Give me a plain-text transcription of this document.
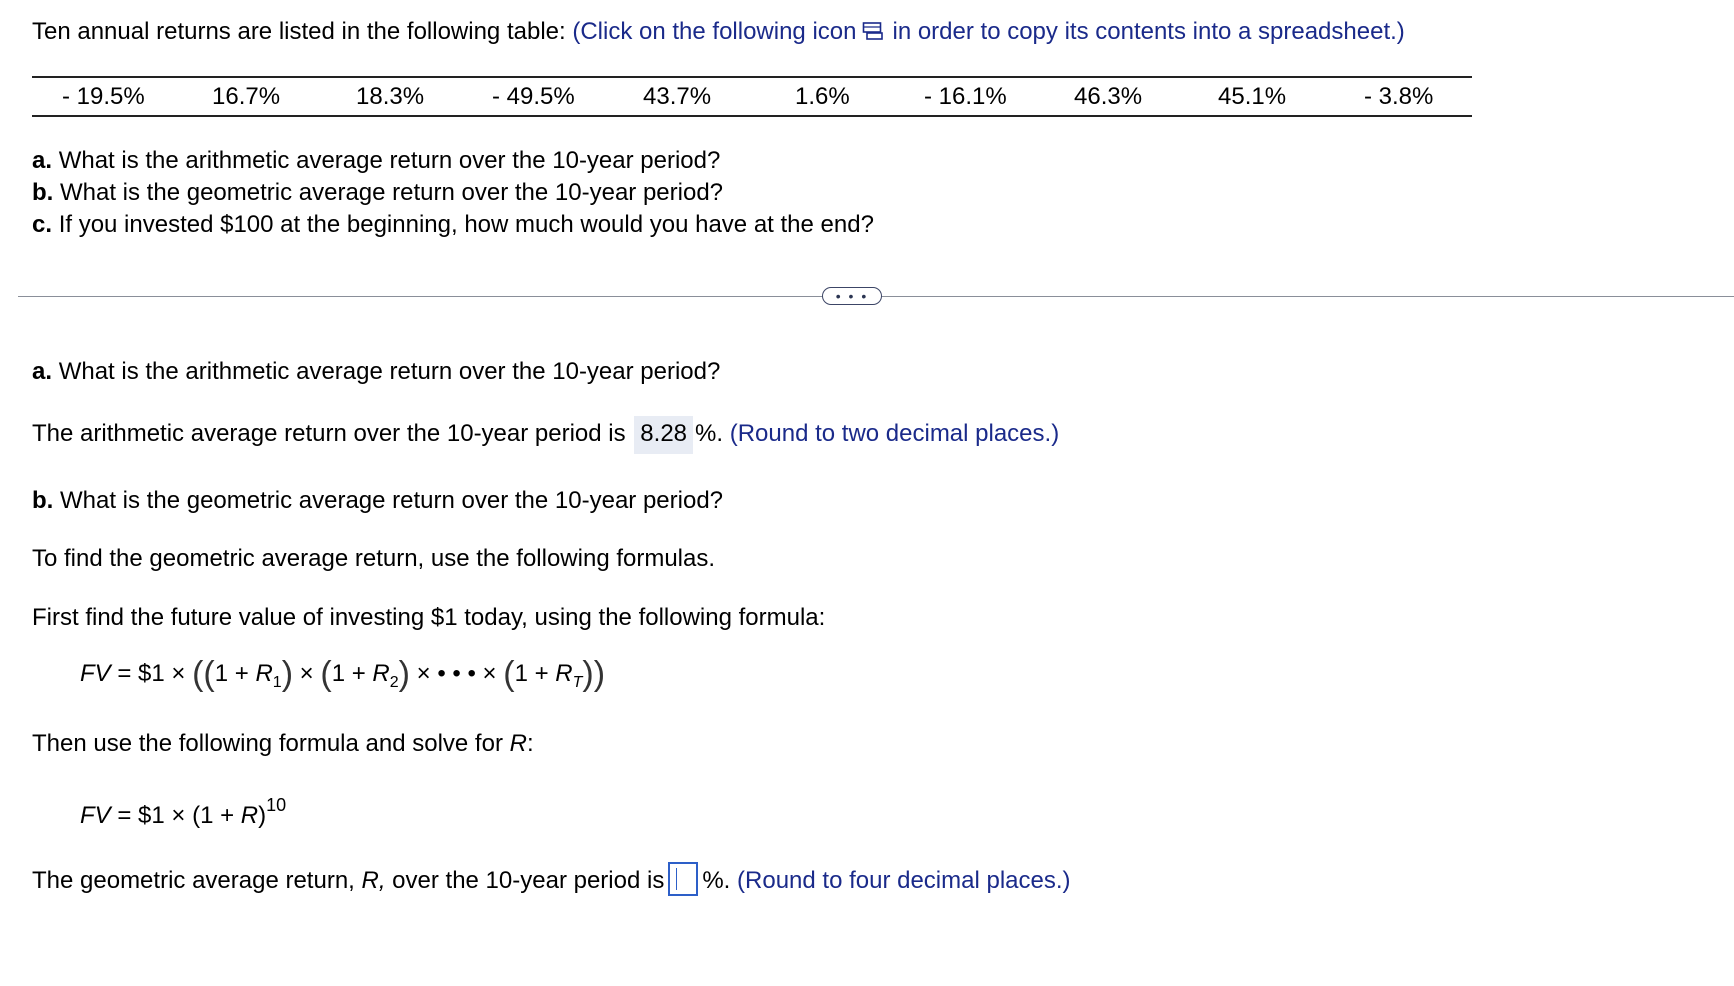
Ten annual returns are listed in the following table: (Click on the following icon in order to copy its contents into a spreadsheet.)
- 19.5%	16.7%	18.3%	- 49.5%	43.7%	1.6%	- 16.1%	46.3%	45.1%	- 3.8%
a. What is the arithmetic average return over the 10-year period?
b. What is the geometric average return over the 10-year period?
c. If you invested $100 at the beginning, how much would you have at the end?
• • •
a. What is the arithmetic average return over the 10-year period?
The arithmetic average return over the 10-year period is 8.28 %. (Round to two decimal places.)
b. What is the geometric average return over the 10-year period?
To find the geometric average return, use the following formulas.
First find the future value of investing $1 today, using the following formula:
FV = $1 × ($(1 + R_1) \times (1 + R_2)$ × • • • × $(1 + R_T)$)
Then use the following formula and solve for R:
FV = $1 × $(1 + R)^{10}$
The geometric average return, R, over the 10-year period is %. (Round to four decimal places.)
